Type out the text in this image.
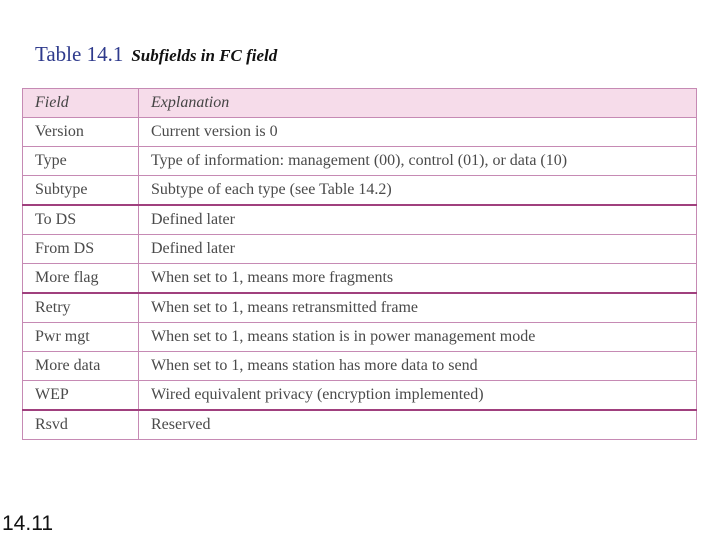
Table 14.1 Subfields in FC field
Field	Explanation
Version	Current version is 0
Type	Type of information: management (00), control (01), or data (10)
Subtype	Subtype of each type (see Table 14.2)
To DS	Defined later
From DS	Defined later
More flag	When set to 1, means more fragments
Retry	When set to 1, means retransmitted frame
Pwr mgt	When set to 1, means station is in power management mode
More data	When set to 1, means station has more data to send
WEP	Wired equivalent privacy (encryption implemented)
Rsvd	Reserved
14.11
